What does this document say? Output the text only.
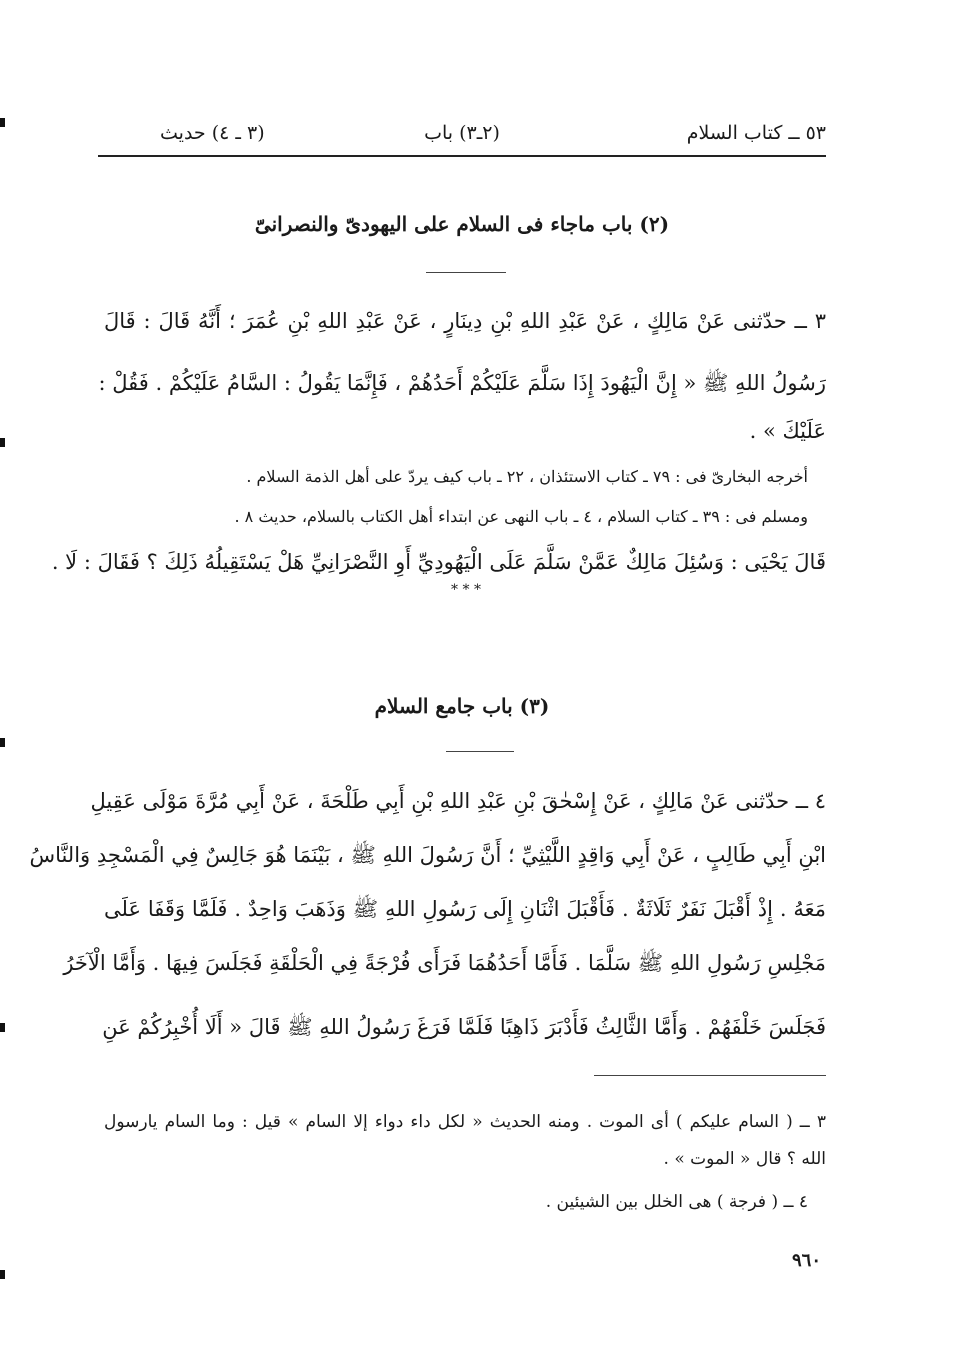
٥٣ ــ كتاب السلام
(٢ـ٣) باب
(٣ ـ ٤) حديث
(٢) باب ماجاء فى السلام على اليهودىّ والنصرانىّ
٣ ــ حدّثنى عَنْ مَالِكٍ ، عَنْ عَبْدِ اللهِ بْنِ دِينَارٍ ، عَنْ عَبْدِ اللهِ بْنِ عُمَرَ ؛ أَنَّهُ قَالَ : قَالَ
رَسُولُ اللهِ ﷺ « إِنَّ الْيَهُودَ إِذَا سَلَّمَ عَلَيْكُمْ أَحَدُهُمْ ، فَإِنَّمَا يَقُولُ : السَّامُ عَلَيْكُمْ . فَقُلْ :
عَلَيْكَ » .
أخرجه البخارىّ فى : ٧٩ ـ كتاب الاستئذان ، ٢٢ ـ باب كيف يردّ على أهل الذمة السلام .
ومسلم فى : ٣٩ ـ كتاب السلام ، ٤ ـ باب النهى عن ابتداء أهل الكتاب بالسلام، حديث ٨ .
قَالَ يَحْيَى : وَسُئِلَ مَالِكٌ عَمَّنْ سَلَّمَ عَلَى الْيَهُودِيِّ أَوِ النَّصْرَانِيِّ هَلْ يَسْتَقِيلُهُ ذَلِكَ ؟ فَقَالَ : لَا .
* * *
(٣) باب جامع السلام
٤ ــ حدّثنى عَنْ مَالِكٍ ، عَنْ إِسْحٰقَ بْنِ عَبْدِ اللهِ بْنِ أَبِي طَلْحَةَ ، عَنْ أَبِي مُرَّةَ مَوْلَى عَقِيلِ
ابْنِ أَبِي طَالِبٍ ، عَنْ أَبِي وَاقِدٍ اللَّيْثِيِّ ؛ أَنَّ رَسُولَ اللهِ ﷺ ، بَيْنَمَا هُوَ جَالِسٌ فِي الْمَسْجِدِ وَالنَّاسُ
مَعَهُ . إِذْ أَقْبَلَ نَفَرٌ ثَلَاثَةٌ . فَأَقْبَلَ اثْنَانِ إِلَى رَسُولِ اللهِ ﷺ وَذَهَبَ وَاحِدٌ . فَلَمَّا وَقَفَا عَلَى
مَجْلِسِ رَسُولِ اللهِ ﷺ سَلَّمَا . فَأَمَّا أَحَدُهُمَا فَرَأَى فُرْجَةً فِي الْحَلْقَةِ فَجَلَسَ فِيهَا . وَأَمَّا الْآخَرُ
فَجَلَسَ خَلْفَهُمْ . وَأَمَّا الثَّالِثُ فَأَدْبَرَ ذَاهِبًا فَلَمَّا فَرَغَ رَسُولُ اللهِ ﷺ قَالَ « أَلَا أُخْبِرُكُمْ عَنِ
٣ ــ ( السام عليكم ) أى الموت . ومنه الحديث « لكل داء دواء إلا السام » قيل : وما السام يارسول
الله ؟ قال « الموت » .
٤ ــ ( فرجة ) هى الخلل بين الشيئين .
٩٦٠
